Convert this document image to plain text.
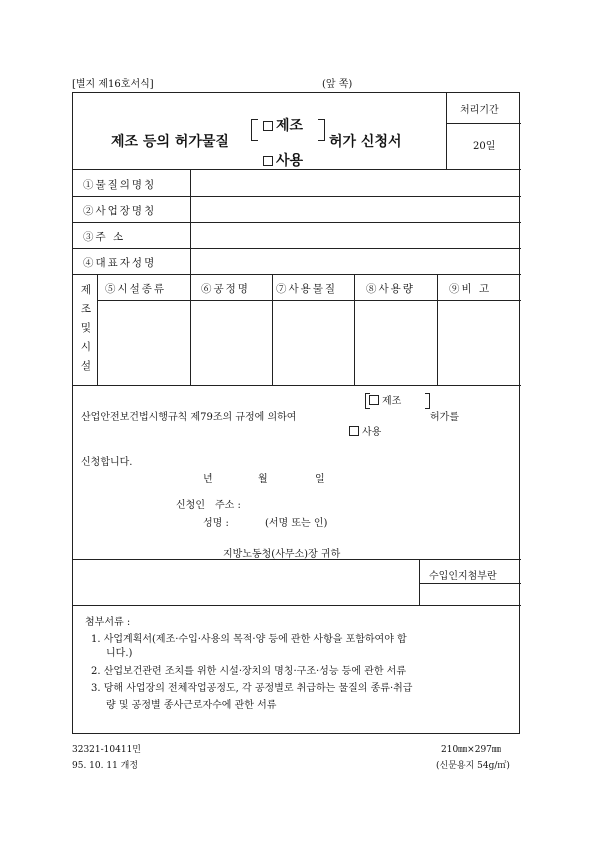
[별지 제16호서식]	(앞 쪽)
처리기간
20일
제조 등의 허가물질
제조
사용
허가 신청서
①물질의명칭
②사업장명칭
③주 소
④대표자성명
제조및시설
⑤시설종류	⑥공정명 ⑦사용물질	⑧사용량	⑨비 고
산업안전보건법시행규칙 제79조의 규정에 의하여
제조
사용
허가를
신청합니다.
년	월	일
신청인 주소 :
성명 :	(서명 또는 인)
지방노동청(사무소)장 귀하
수입인지첨부란
첨부서류 :
1. 사업계획서(제조·수입·사용의 목적·양 등에 관한 사항을 포함하여야 합
니다.)
2. 산업보건관련 조치를 위한 시설·장치의 명칭·구조·성능 등에 관한 서류
3. 당해 사업장의 전체작업공정도, 각 공정별로 취급하는 물질의 종류·취급
량 및 공정별 종사근로자수에 관한 서류
32321-10411민
95. 10. 11 개정
210㎜×297㎜
(신문용지 54g/㎡)
